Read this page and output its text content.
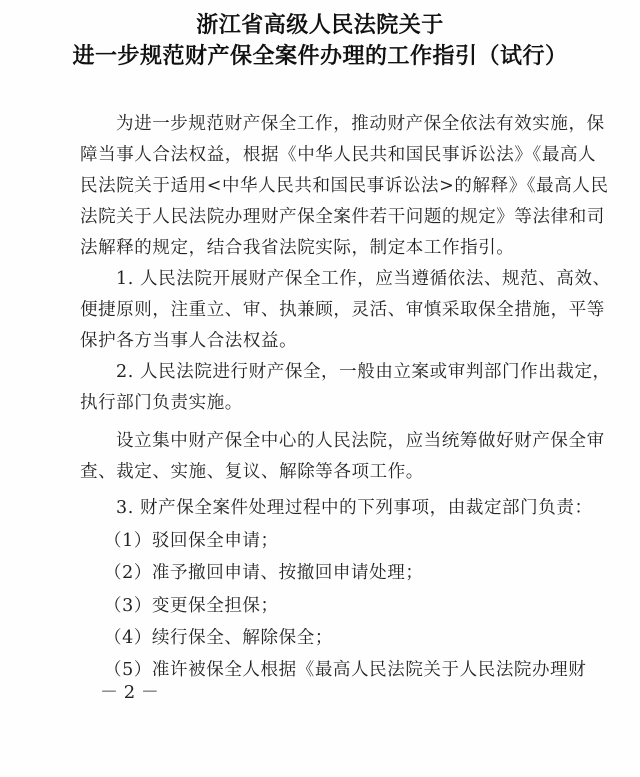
浙江省高级人民法院关于
进一步规范财产保全案件办理的工作指引（试行）
为进一步规范财产保全工作，推动财产保全依法有效实施，保
障当事人合法权益，根据《中华人民共和国民事诉讼法》《最高人
民法院关于适用<中华人民共和国民事诉讼法>的解释》《最高人民
法院关于人民法院办理财产保全案件若干问题的规定》等法律和司
法解释的规定，结合我省法院实际，制定本工作指引。
1. 人民法院开展财产保全工作，应当遵循依法、规范、高效、
便捷原则，注重立、审、执兼顾，灵活、审慎采取保全措施，平等
保护各方当事人合法权益。
2. 人民法院进行财产保全，一般由立案或审判部门作出裁定，
执行部门负责实施。
设立集中财产保全中心的人民法院，应当统筹做好财产保全审
查、裁定、实施、复议、解除等各项工作。
3. 财产保全案件处理过程中的下列事项，由裁定部门负责：
（1）驳回保全申请；
（2）准予撤回申请、按撤回申请处理；
（3）变更保全担保；
（4）续行保全、解除保全；
（5）准许被保全人根据《最高人民法院关于人民法院办理财
－ 2 －
